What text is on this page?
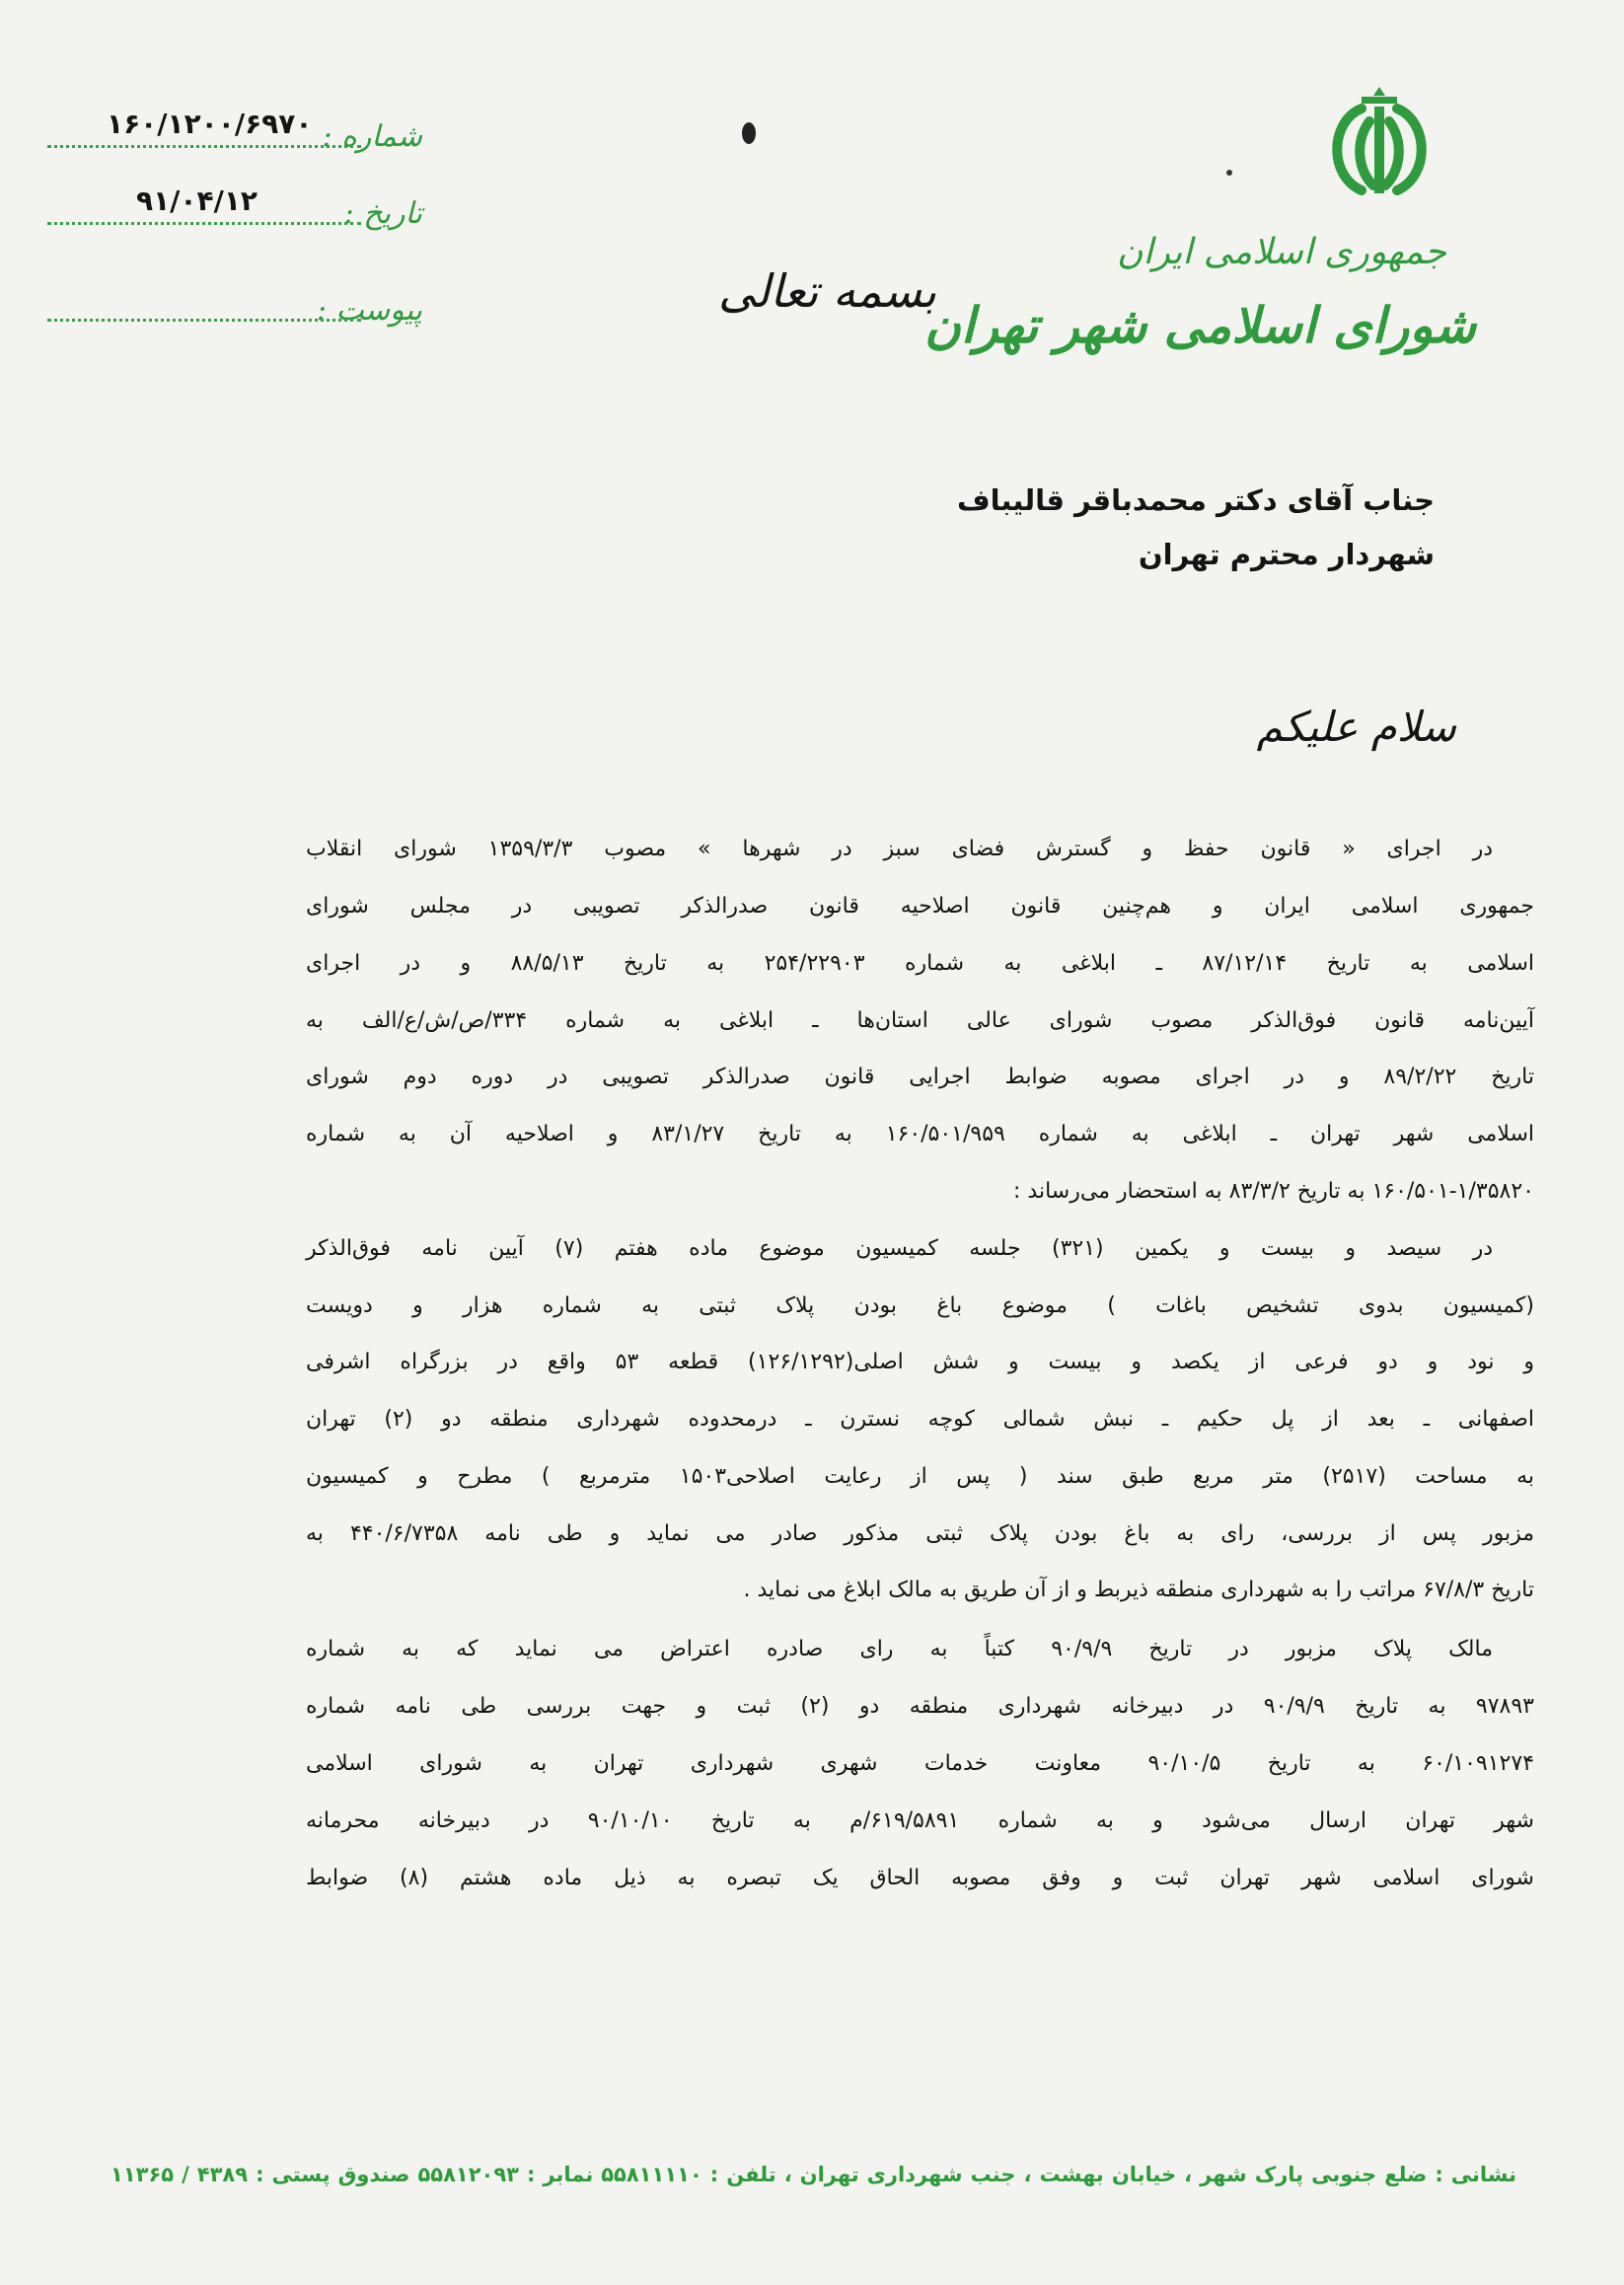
شماره :
۱۶۰/۱۲۰۰/۶۹۷۰
تاریخ :
۹۱/۰۴/۱۲
پیوست :	بسمه تعالی
جمهوری اسلامی ایران
شورای اسلامی شهر تهران
جناب آقای دکتر محمدباقر قالیباف
شهردار محترم تهران
سلام علیکم
در اجرای « قانون حفظ و گسترش فضای سبز در شهرها » مصوب ۱۳۵۹/۳/۳ شورای انقلاب
جمهوری اسلامی ایران و هم‌چنین قانون اصلاحیه قانون صدرالذکر تصویبی در مجلس شورای
اسلامی به تاریخ ۸۷/۱۲/۱۴ ـ ابلاغی به شماره ۲۵۴/۲۲۹۰۳ به تاریخ ۸۸/۵/۱۳ و در اجرای
آیین‌نامه قانون فوق‌الذکر مصوب شورای عالی استان‌ها ـ ابلاغی به شماره ۳۳۴/ص/ش/ع/الف به
تاریخ ۸۹/۲/۲۲ و در اجرای مصوبه ضوابط اجرایی قانون صدرالذکر تصویبی در دوره دوم شورای
اسلامی شهر تهران ـ ابلاغی به شماره ۱۶۰/۵۰۱/۹۵۹ به تاریخ ۸۳/۱/۲۷ و اصلاحیه آن به شماره
۱۶۰/۵۰۱-۱/۳۵۸۲۰ به تاریخ ۸۳/۳/۲ به استحضار می‌رساند :
در سیصد و بیست و یکمین (۳۲۱) جلسه کمیسیون موضوع ماده هفتم (۷) آیین نامه فوق‌الذکر
(کمیسیون بدوی تشخیص باغات ) موضوع باغ بودن پلاک ثبتی به شماره هزار و دویست
و نود و دو فرعی از یکصد و بیست و شش اصلی(۱۲۶/۱۲۹۲) قطعه ۵۳ واقع در بزرگراه اشرفی
اصفهانی ـ بعد از پل حکیم ـ نبش شمالی کوچه نسترن ـ درمحدوده شهرداری منطقه دو (۲) تهران
به مساحت (۲۵۱۷) متر مربع طبق سند ( پس از رعایت اصلاحی۱۵۰۳ مترمربع ) مطرح و کمیسیون
مزبور پس از بررسی، رای به باغ بودن پلاک ثبتی مذکور صادر می نماید و طی نامه ۴۴۰/۶/۷۳۵۸ به
تاریخ ۶۷/۸/۳ مراتب را به شهرداری منطقه ذیربط و از آن طریق به مالک ابلاغ می نماید .
مالک پلاک مزبور در تاریخ ۹۰/۹/۹ کتباً به رای صادره اعتراض می نماید که به شماره
۹۷۸۹۳ به تاریخ ۹۰/۹/۹ در دبیرخانه شهرداری منطقه دو (۲) ثبت و جهت بررسی طی نامه شماره
۶۰/۱۰۹۱۲۷۴ به تاریخ ۹۰/۱۰/۵ معاونت خدمات شهری شهرداری تهران به شورای اسلامی
شهر تهران ارسال می‌شود و به شماره ۶۱۹/۵۸۹۱/م به تاریخ ۹۰/۱۰/۱۰ در دبیرخانه محرمانه
شورای اسلامی شهر تهران ثبت و وفق مصوبه الحاق یک تبصره به ذیل ماده هشتم (۸) ضوابط
نشانی : ضلع جنوبی پارک شهر ، خیابان بهشت ، جنب شهرداری تهران ، تلفن : ۵۵۸۱۱۱۱۰ نمابر : ۵۵۸۱۲۰۹۳ صندوق پستی : ۴۳۸۹ / ۱۱۳۶۵
